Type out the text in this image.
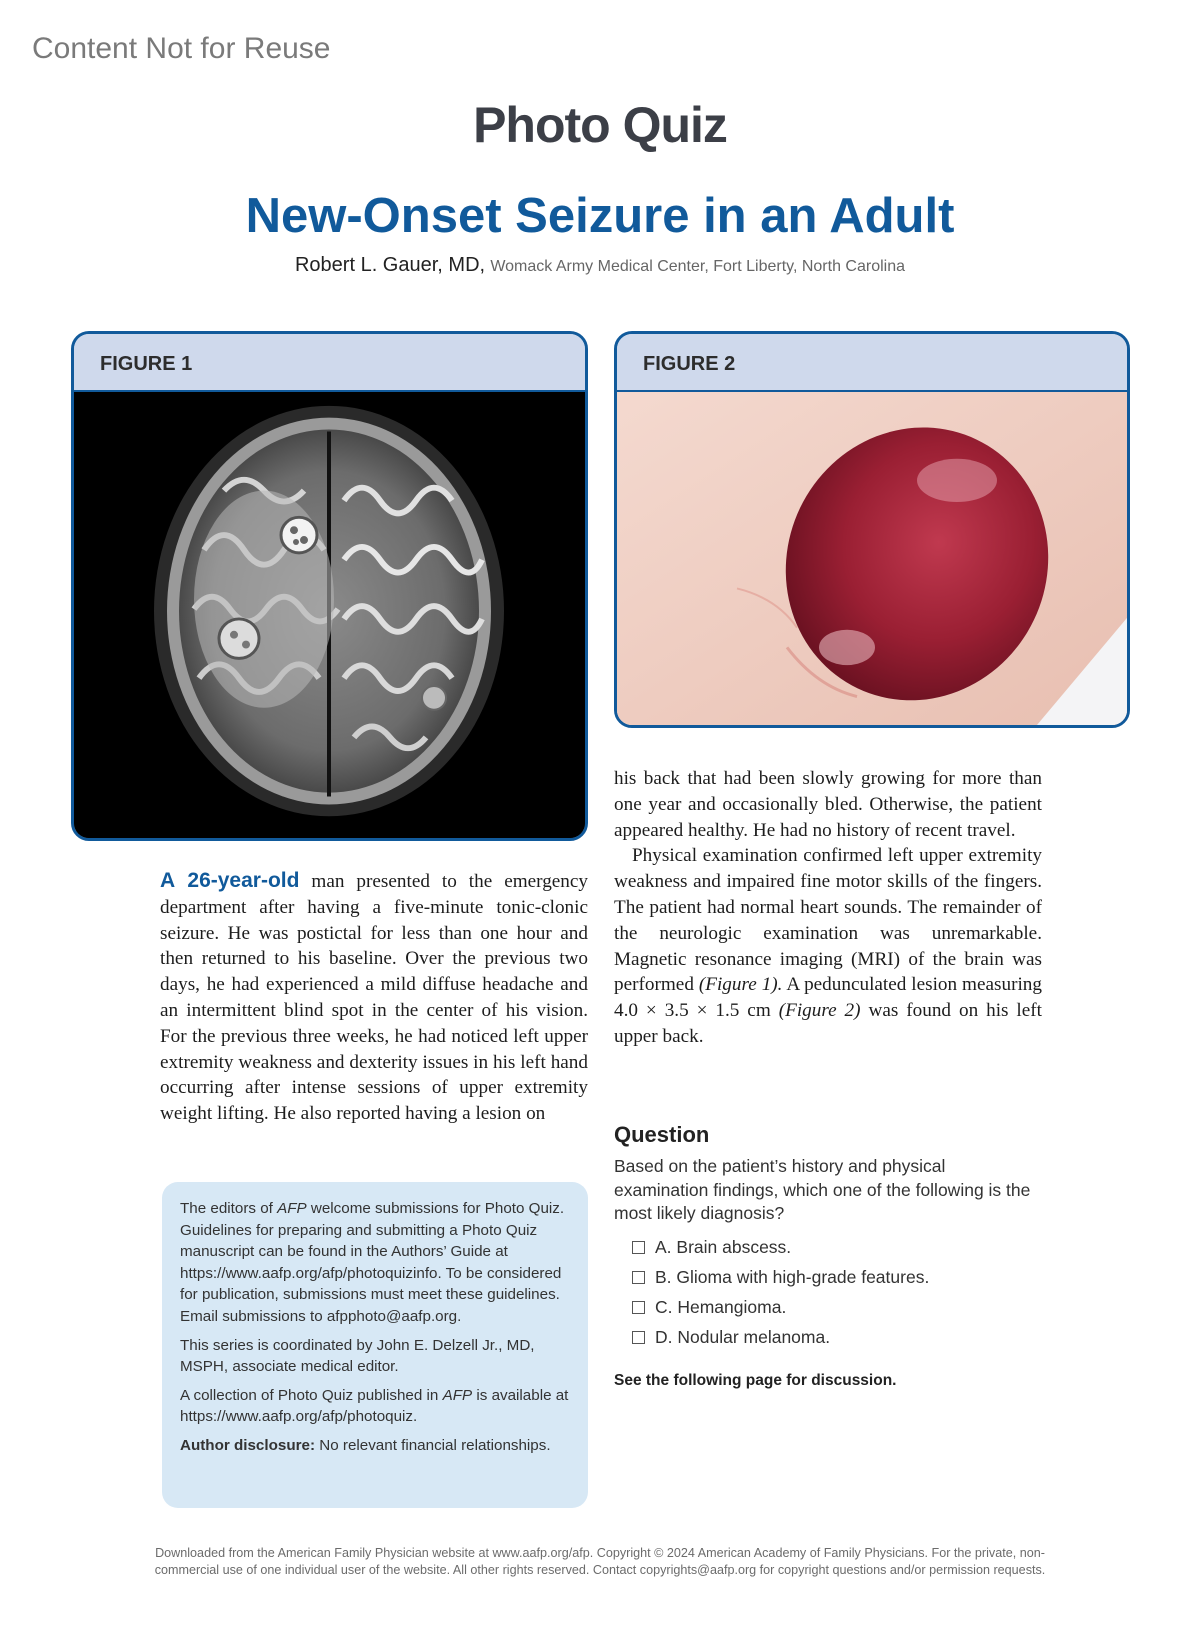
Content Not for Reuse
Photo Quiz
New-Onset Seizure in an Adult
Robert L. Gauer, MD, Womack Army Medical Center, Fort Liberty, North Carolina
FIGURE 1	FIGURE 2

A 26-year-old man presented to the emergency department after having a five-minute tonic-clonic seizure. He was postictal for less than one hour and then returned to his baseline. Over the previous two days, he had experienced a mild diffuse headache and an intermittent blind spot in the center of his vision. For the previous three weeks, he had noticed left upper extremity weakness and dexterity issues in his left hand occurring after intense sessions of upper extremity weight lifting. He also reported having a lesion on

his back that had been slowly growing for more than one year and occasionally bled. Otherwise, the patient appeared healthy. He had no history of recent travel.

Physical examination confirmed left upper extremity weakness and impaired fine motor skills of the fingers. The patient had normal heart sounds. The remainder of the neurologic examination was unremarkable. Magnetic resonance imaging (MRI) of the brain was performed (Figure 1). A pedunculated lesion measuring 4.0 × 3.5 × 1.5 cm (Figure 2) was found on his left upper back.

Question
Based on the patient’s history and physical examination findings, which one of the following is the most likely diagnosis?
A. Brain abscess.
B. Glioma with high-grade features.
C. Hemangioma.
D. Nodular melanoma.
See the following page for discussion.

The editors of AFP welcome submissions for Photo Quiz. Guidelines for preparing and submitting a Photo Quiz manuscript can be found in the Authors’ Guide at https://www.aafp.org/afp/photoquizinfo. To be considered for publication, submissions must meet these guidelines. Email submissions to afpphoto@aafp.org.

This series is coordinated by John E. Delzell Jr., MD, MSPH, associate medical editor.

A collection of Photo Quiz published in AFP is available at https://www.aafp.org/afp/photoquiz.

Author disclosure: No relevant financial relationships.

Downloaded from the American Family Physician website at www.aafp.org/afp. Copyright © 2024 American Academy of Family Physicians. For the private, non-
commercial use of one individual user of the website. All other rights reserved. Contact copyrights@aafp.org for copyright questions and/or permission requests.
